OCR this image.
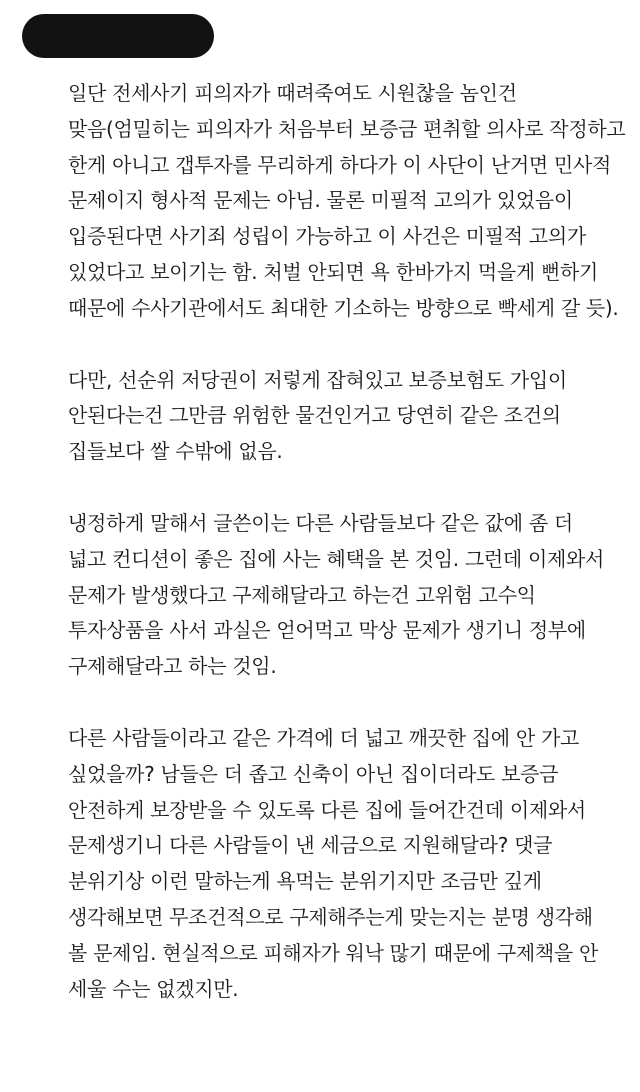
일단 전세사기 피의자가 때려죽여도 시원찮을 놈인건
맞음(엄밀히는 피의자가 처음부터 보증금 편취할 의사로 작정하고
한게 아니고 갭투자를 무리하게 하다가 이 사단이 난거면 민사적
문제이지 형사적 문제는 아님. 물론 미필적 고의가 있었음이
입증된다면 사기죄 성립이 가능하고 이 사건은 미필적 고의가
있었다고 보이기는 함. 처벌 안되면 욕 한바가지 먹을게 뻔하기
때문에 수사기관에서도 최대한 기소하는 방향으로 빡세게 갈 듯).
다만, 선순위 저당권이 저렇게 잡혀있고 보증보험도 가입이
안된다는건 그만큼 위험한 물건인거고 당연히 같은 조건의
집들보다 쌀 수밖에 없음.
냉정하게 말해서 글쓴이는 다른 사람들보다 같은 값에 좀 더
넓고 컨디션이 좋은 집에 사는 혜택을 본 것임. 그런데 이제와서
문제가 발생했다고 구제해달라고 하는건 고위험 고수익
투자상품을 사서 과실은 얻어먹고 막상 문제가 생기니 정부에
구제해달라고 하는 것임.
다른 사람들이라고 같은 가격에 더 넓고 깨끗한 집에 안 가고
싶었을까? 남들은 더 좁고 신축이 아닌 집이더라도 보증금
안전하게 보장받을 수 있도록 다른 집에 들어간건데 이제와서
문제생기니 다른 사람들이 낸 세금으로 지원해달라? 댓글
분위기상 이런 말하는게 욕먹는 분위기지만 조금만 깊게
생각해보면 무조건적으로 구제해주는게 맞는지는 분명 생각해
볼 문제임. 현실적으로 피해자가 워낙 많기 때문에 구제책을 안
세울 수는 없겠지만.
